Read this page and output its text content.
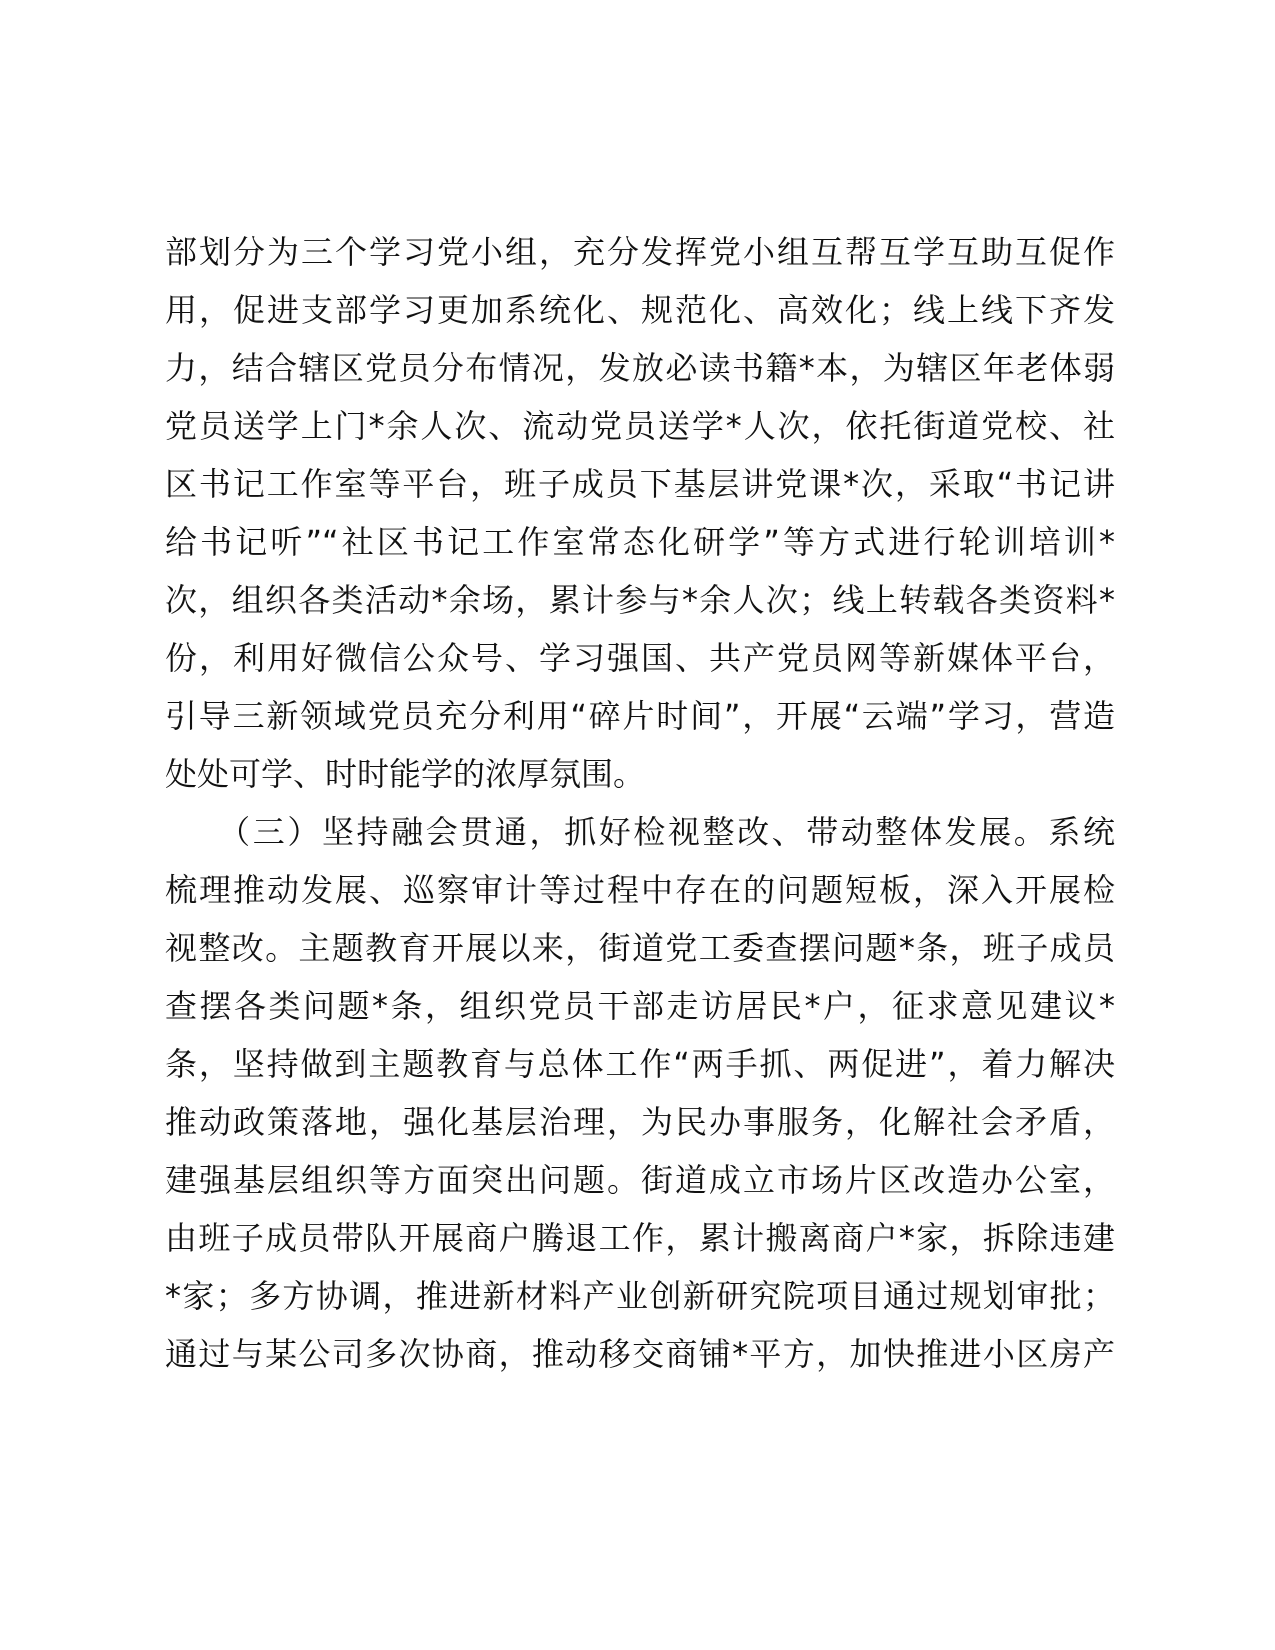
部划分为三个学习党小组，充分发挥党小组互帮互学互助互促作
用，促进支部学习更加系统化、规范化、高效化；线上线下齐发
力，结合辖区党员分布情况，发放必读书籍*本，为辖区年老体弱
党员送学上门*余人次、流动党员送学*人次，依托街道党校、社
区书记工作室等平台，班子成员下基层讲党课*次，采取“书记讲
给书记听”“社区书记工作室常态化研学”等方式进行轮训培训*
次，组织各类活动*余场，累计参与*余人次；线上转载各类资料*
份，利用好微信公众号、学习强国、共产党员网等新媒体平台，
引导三新领域党员充分利用“碎片时间”，开展“云端”学习，营造
处处可学、时时能学的浓厚氛围。
　　（三）坚持融会贯通，抓好检视整改、带动整体发展。系统
梳理推动发展、巡察审计等过程中存在的问题短板，深入开展检
视整改。主题教育开展以来，街道党工委查摆问题*条，班子成员
查摆各类问题*条，组织党员干部走访居民*户，征求意见建议*
条，坚持做到主题教育与总体工作“两手抓、两促进”，着力解决
推动政策落地，强化基层治理，为民办事服务，化解社会矛盾，
建强基层组织等方面突出问题。街道成立市场片区改造办公室，
由班子成员带队开展商户腾退工作，累计搬离商户*家，拆除违建
*家；多方协调，推进新材料产业创新研究院项目通过规划审批；
通过与某公司多次协商，推动移交商铺*平方，加快推进小区房产
